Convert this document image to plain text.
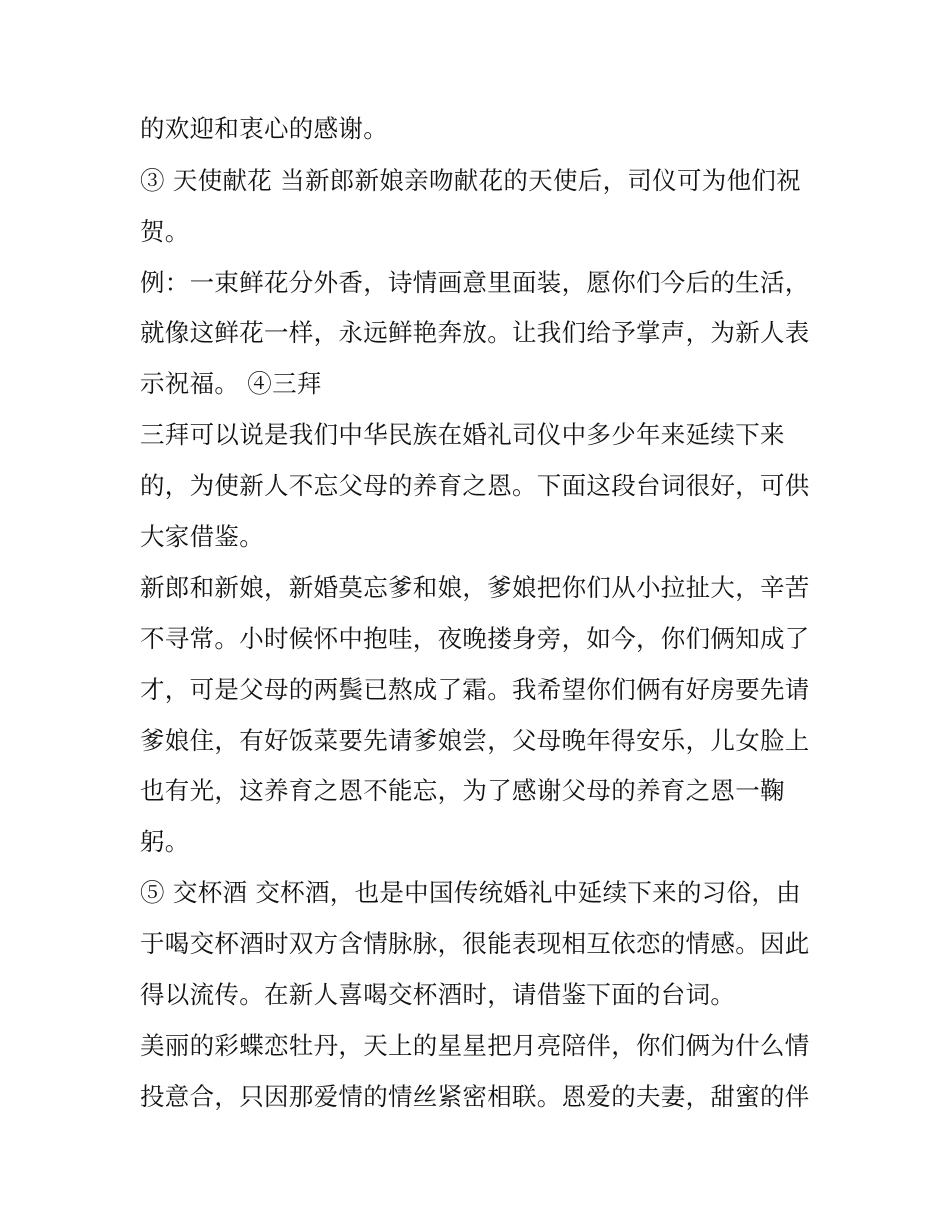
的欢迎和衷心的感谢。
③ 天使献花 当新郎新娘亲吻献花的天使后，司仪可为他们祝
贺。
例：一束鲜花分外香，诗情画意里面装，愿你们今后的生活，
就像这鲜花一样，永远鲜艳奔放。让我们给予掌声，为新人表
示祝福。 ④三拜
三拜可以说是我们中华民族在婚礼司仪中多少年来延续下来
的，为使新人不忘父母的养育之恩。下面这段台词很好，可供
大家借鉴。
新郎和新娘，新婚莫忘爹和娘，爹娘把你们从小拉扯大，辛苦
不寻常。小时候怀中抱哇，夜晚搂身旁，如今，你们俩知成了
才，可是父母的两鬓已熬成了霜。我希望你们俩有好房要先请
爹娘住，有好饭菜要先请爹娘尝，父母晚年得安乐，儿女脸上
也有光，这养育之恩不能忘，为了感谢父母的养育之恩一鞠
躬。
⑤ 交杯酒 交杯酒，也是中国传统婚礼中延续下来的习俗，由
于喝交杯酒时双方含情脉脉，很能表现相互依恋的情感。因此
得以流传。在新人喜喝交杯酒时，请借鉴下面的台词。
美丽的彩蝶恋牡丹，天上的星星把月亮陪伴，你们俩为什么情
投意合，只因那爱情的情丝紧密相联。恩爱的夫妻，甜蜜的伴
